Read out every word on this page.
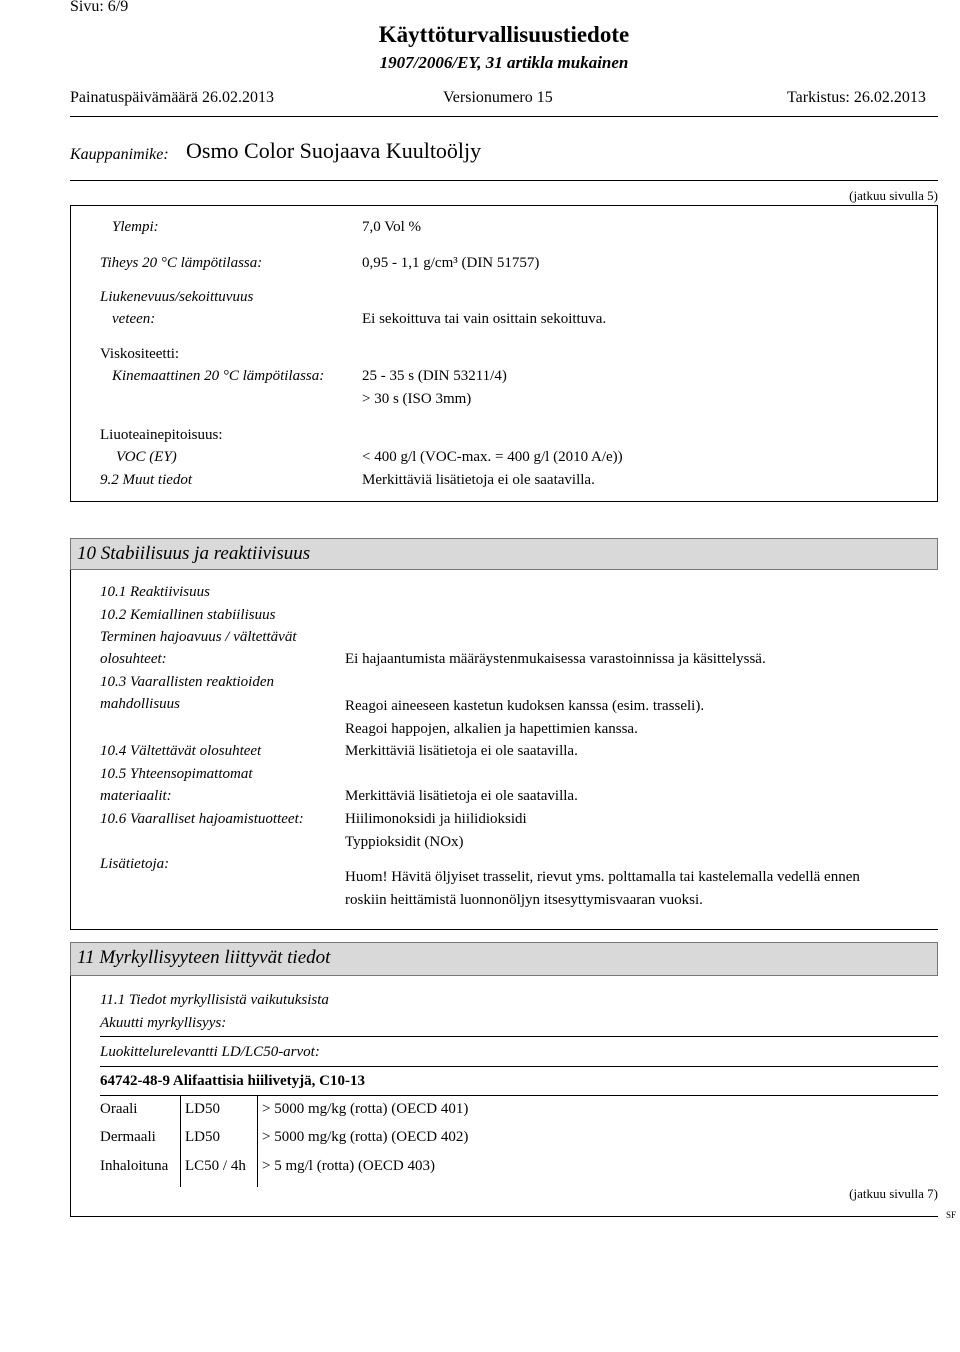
Sivu: 6/9
Käyttöturvallisuustiedote
1907/2006/EY, 31 artikla mukainen
Painatuspäivämäärä 26.02.2013	Versionumero 15	Tarkistus: 26.02.2013
Kauppanimike: Osmo Color Suojaava Kuultoöljy
(jatkuu sivulla 5)
Ylempi:	7,0 Vol %
Tiheys 20 °C lämpötilassa:	0,95 - 1,1 g/cm³ (DIN 51757)
Liukenevuus/sekoittuvuus
veteen:	Ei sekoittuva tai vain osittain sekoittuva.
Viskositeetti:
Kinemaattinen 20 °C lämpötilassa:	25 - 35 s (DIN 53211/4)
> 30 s (ISO 3mm)
Liuoteainepitoisuus:
VOC (EY)	< 400 g/l (VOC-max. = 400 g/l (2010 A/e))
9.2 Muut tiedot	Merkittäviä lisätietoja ei ole saatavilla.
10 Stabiilisuus ja reaktiivisuus
10.1 Reaktiivisuus
10.2 Kemiallinen stabiilisuus
Terminen hajoavuus / vältettävät
olosuhteet:	Ei hajaantumista määräystenmukaisessa varastoinnissa ja käsittelyssä.
10.3 Vaarallisten reaktioiden
mahdollisuus	Reagoi aineeseen kastetun kudoksen kanssa (esim. trasseli).
Reagoi happojen, alkalien ja hapettimien kanssa.
10.4 Vältettävät olosuhteet	Merkittäviä lisätietoja ei ole saatavilla.
10.5 Yhteensopimattomat
materiaalit:	Merkittäviä lisätietoja ei ole saatavilla.
10.6 Vaaralliset hajoamistuotteet:	Hiilimonoksidi ja hiilidioksidi
Typpioksidit (NOx)
Lisätietoja:
Huom! Hävitä öljyiset trasselit, rievut yms. polttamalla tai kastelemalla vedellä ennen
roskiin heittämistä luonnonöljyn itsesyttymisvaaran vuoksi.
11 Myrkyllisyyteen liittyvät tiedot
11.1 Tiedot myrkyllisistä vaikutuksista
Akuutti myrkyllisyys:
Luokittelurelevantti LD/LC50-arvot:
64742-48-9 Alifaattisia hiilivetyjä, C10-13
Oraali	LD50	> 5000 mg/kg (rotta) (OECD 401)
Dermaali LD50	> 5000 mg/kg (rotta) (OECD 402)
Inhaloituna LC50 / 4h > 5 mg/l (rotta) (OECD 403)
(jatkuu sivulla 7)
SF
